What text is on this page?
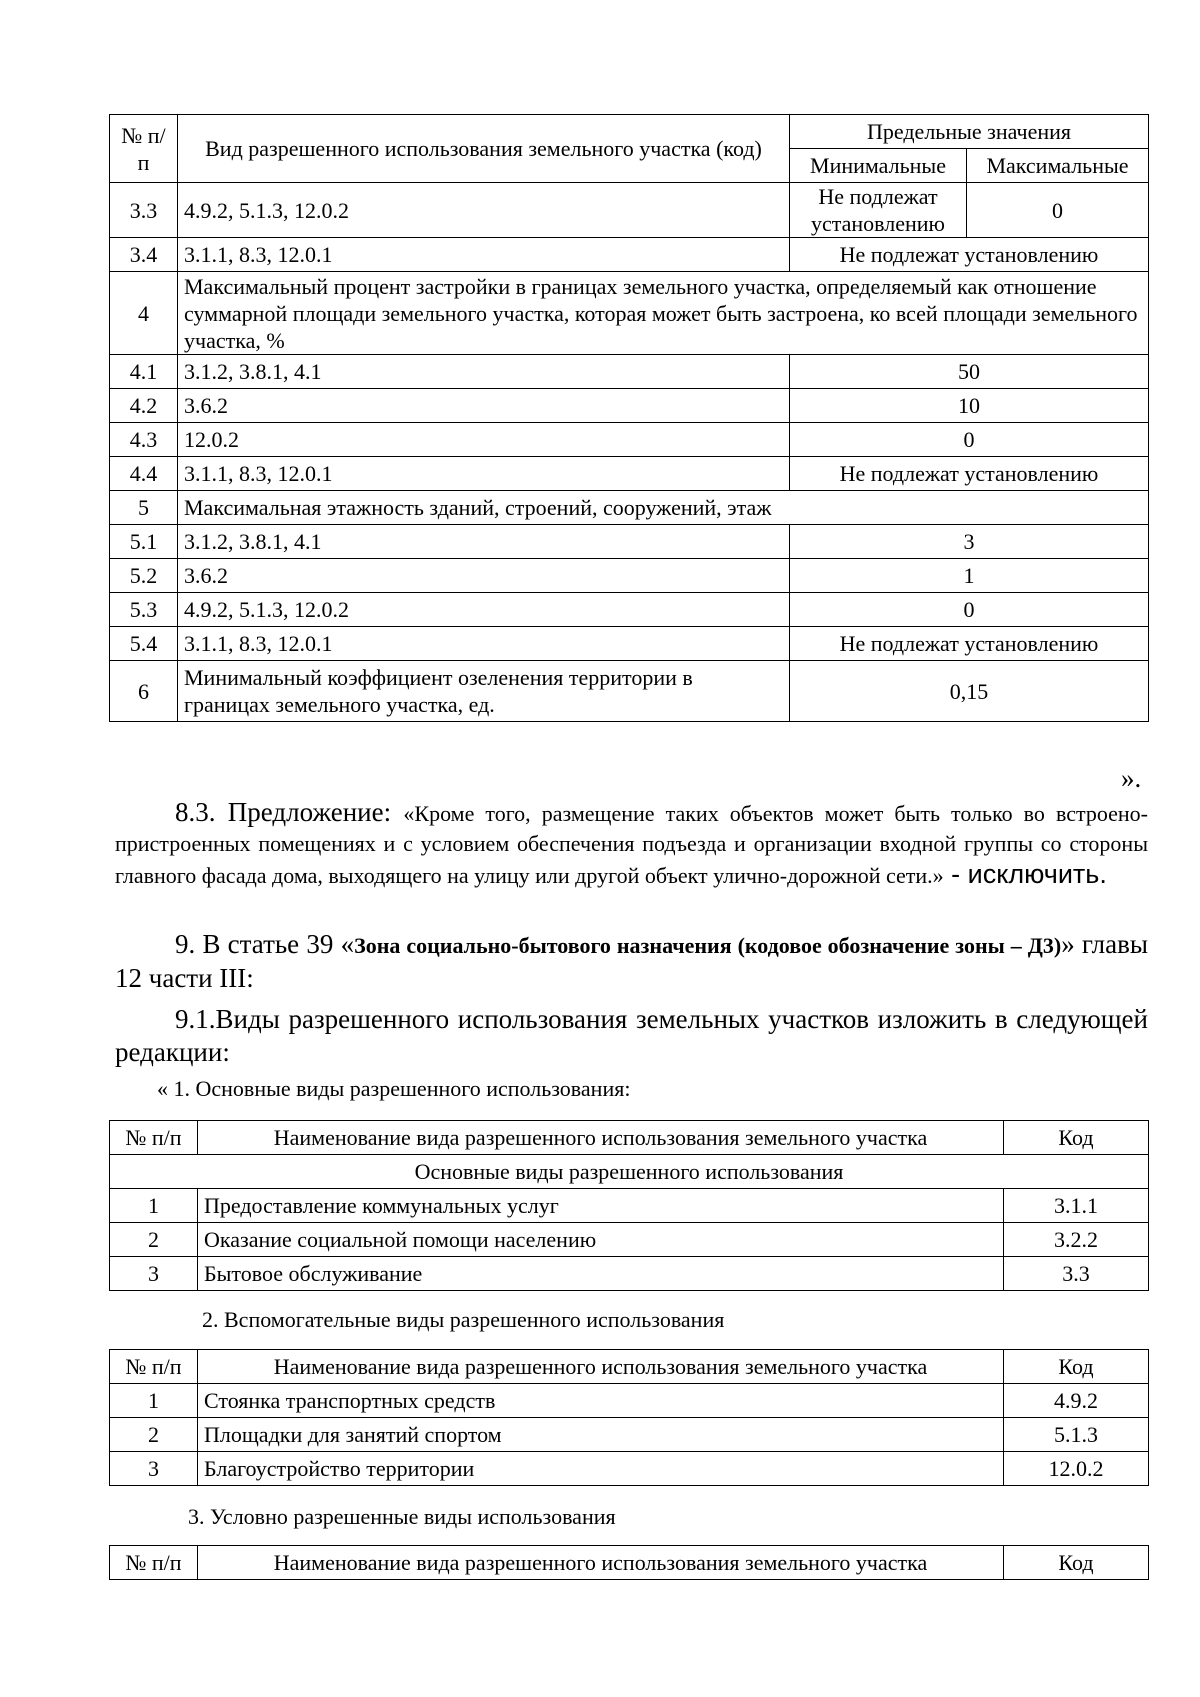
№ п/п	Вид разрешенного использования земельного участка (код)	Предельные значения	
		Минимальные	Максимальные
3.3	4.9.2, 5.1.3, 12.0.2	Не подлежат установлению	0
3.4	3.1.1, 8.3, 12.0.1	Не подлежат установлению	
4	Максимальный процент застройки в границах земельного участка, определяемый как отношение суммарной площади земельного участка, которая может быть застроена, ко всей площади земельного участка, %		
4.1	3.1.2, 3.8.1, 4.1	50	
4.2	3.6.2	10	
4.3	12.0.2	0	
4.4	3.1.1, 8.3, 12.0.1	Не подлежат установлению	
5	Максимальная этажность зданий, строений, сооружений, этаж		
5.1	3.1.2, 3.8.1, 4.1	3	
5.2	3.6.2	1	
5.3	4.9.2, 5.1.3, 12.0.2	0	
5.4	3.1.1, 8.3, 12.0.1	Не подлежат установлению	
6	Минимальный коэффициент озеленения территории в границах земельного участка, ед.	0,15	
».
8.3. Предложение: «Кроме того, размещение таких объектов может быть только во встроено-пристроенных помещениях и с условием обеспечения подъезда и организации входной группы со стороны главного фасада дома, выходящего на улицу или другой объект улично-дорожной сети.» - исключить.
9. В статье 39 «Зона социально-бытового назначения (кодовое обозначение зоны – Д3)» главы 12 части III:
9.1.Виды разрешенного использования земельных участков изложить в следующей редакции:
« 1. Основные виды разрешенного использования:
№ п/п	Наименование вида разрешенного использования земельного участка	Код
Основные виды разрешенного использования		
1	Предоставление коммунальных услуг	3.1.1
2	Оказание социальной помощи населению	3.2.2
3	Бытовое обслуживание	3.3
2. Вспомогательные виды разрешенного использования
№ п/п	Наименование вида разрешенного использования земельного участка	Код
1	Стоянка транспортных средств	4.9.2
2	Площадки для занятий спортом	5.1.3
3	Благоустройство территории	12.0.2
3. Условно разрешенные виды использования
№ п/п	Наименование вида разрешенного использования земельного участка	Код
